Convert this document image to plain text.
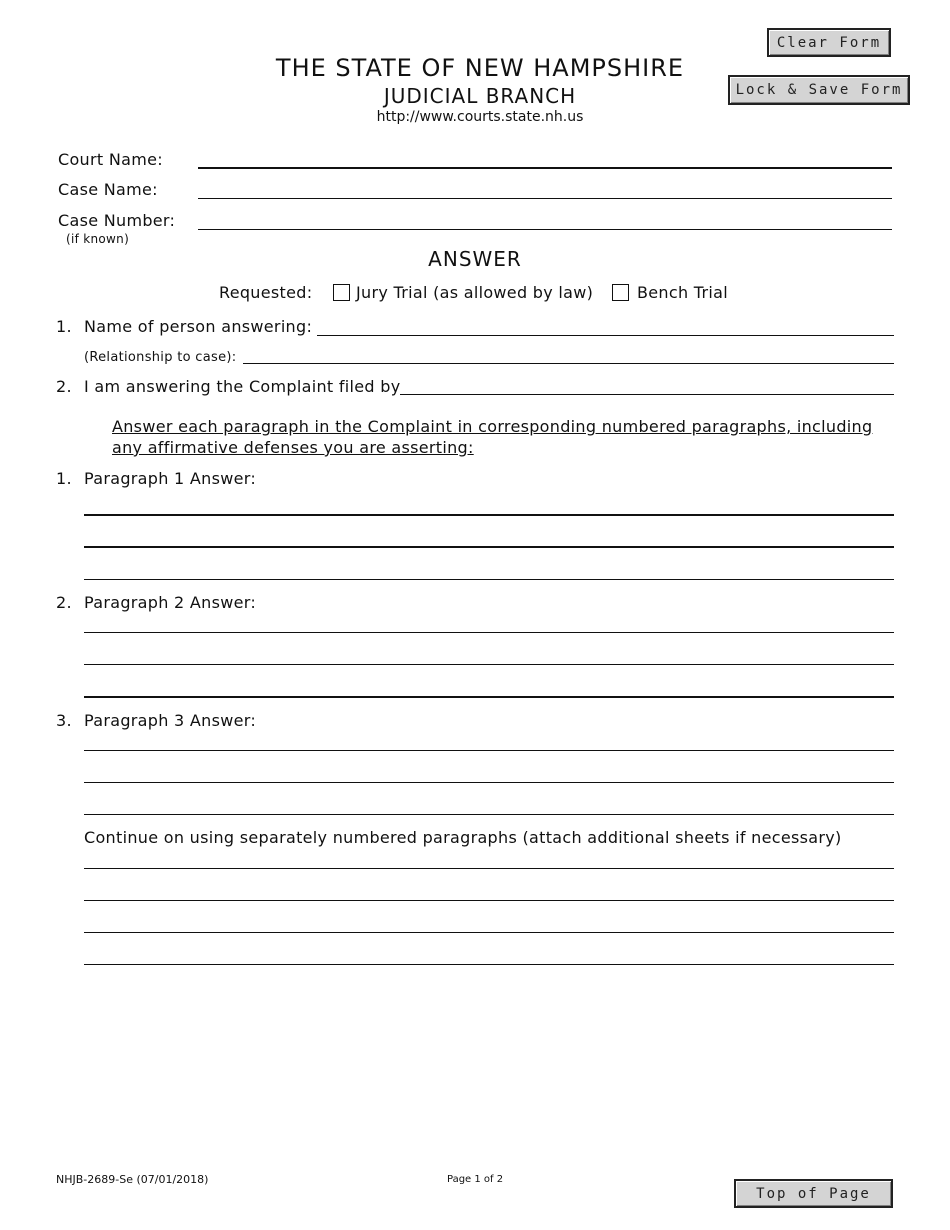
Clear Form
Lock & Save Form
Top of Page
THE STATE OF NEW HAMPSHIRE
JUDICIAL BRANCH
http://www.courts.state.nh.us
Court Name:
Case Name:
Case Number:
(if known)
ANSWER
Requested:	Jury Trial (as allowed by law)	Bench Trial
1. Name of person answering:
(Relationship to case):
2. I am answering the Complaint filed by
Answer each paragraph in the Complaint in corresponding numbered paragraphs, including
any affirmative defenses you are asserting:
1. Paragraph 1 Answer:
2. Paragraph 2 Answer:
3. Paragraph 3 Answer:
Continue on using separately numbered paragraphs (attach additional sheets if necessary)
NHJB-2689-Se (07/01/2018)	Page 1 of 2
